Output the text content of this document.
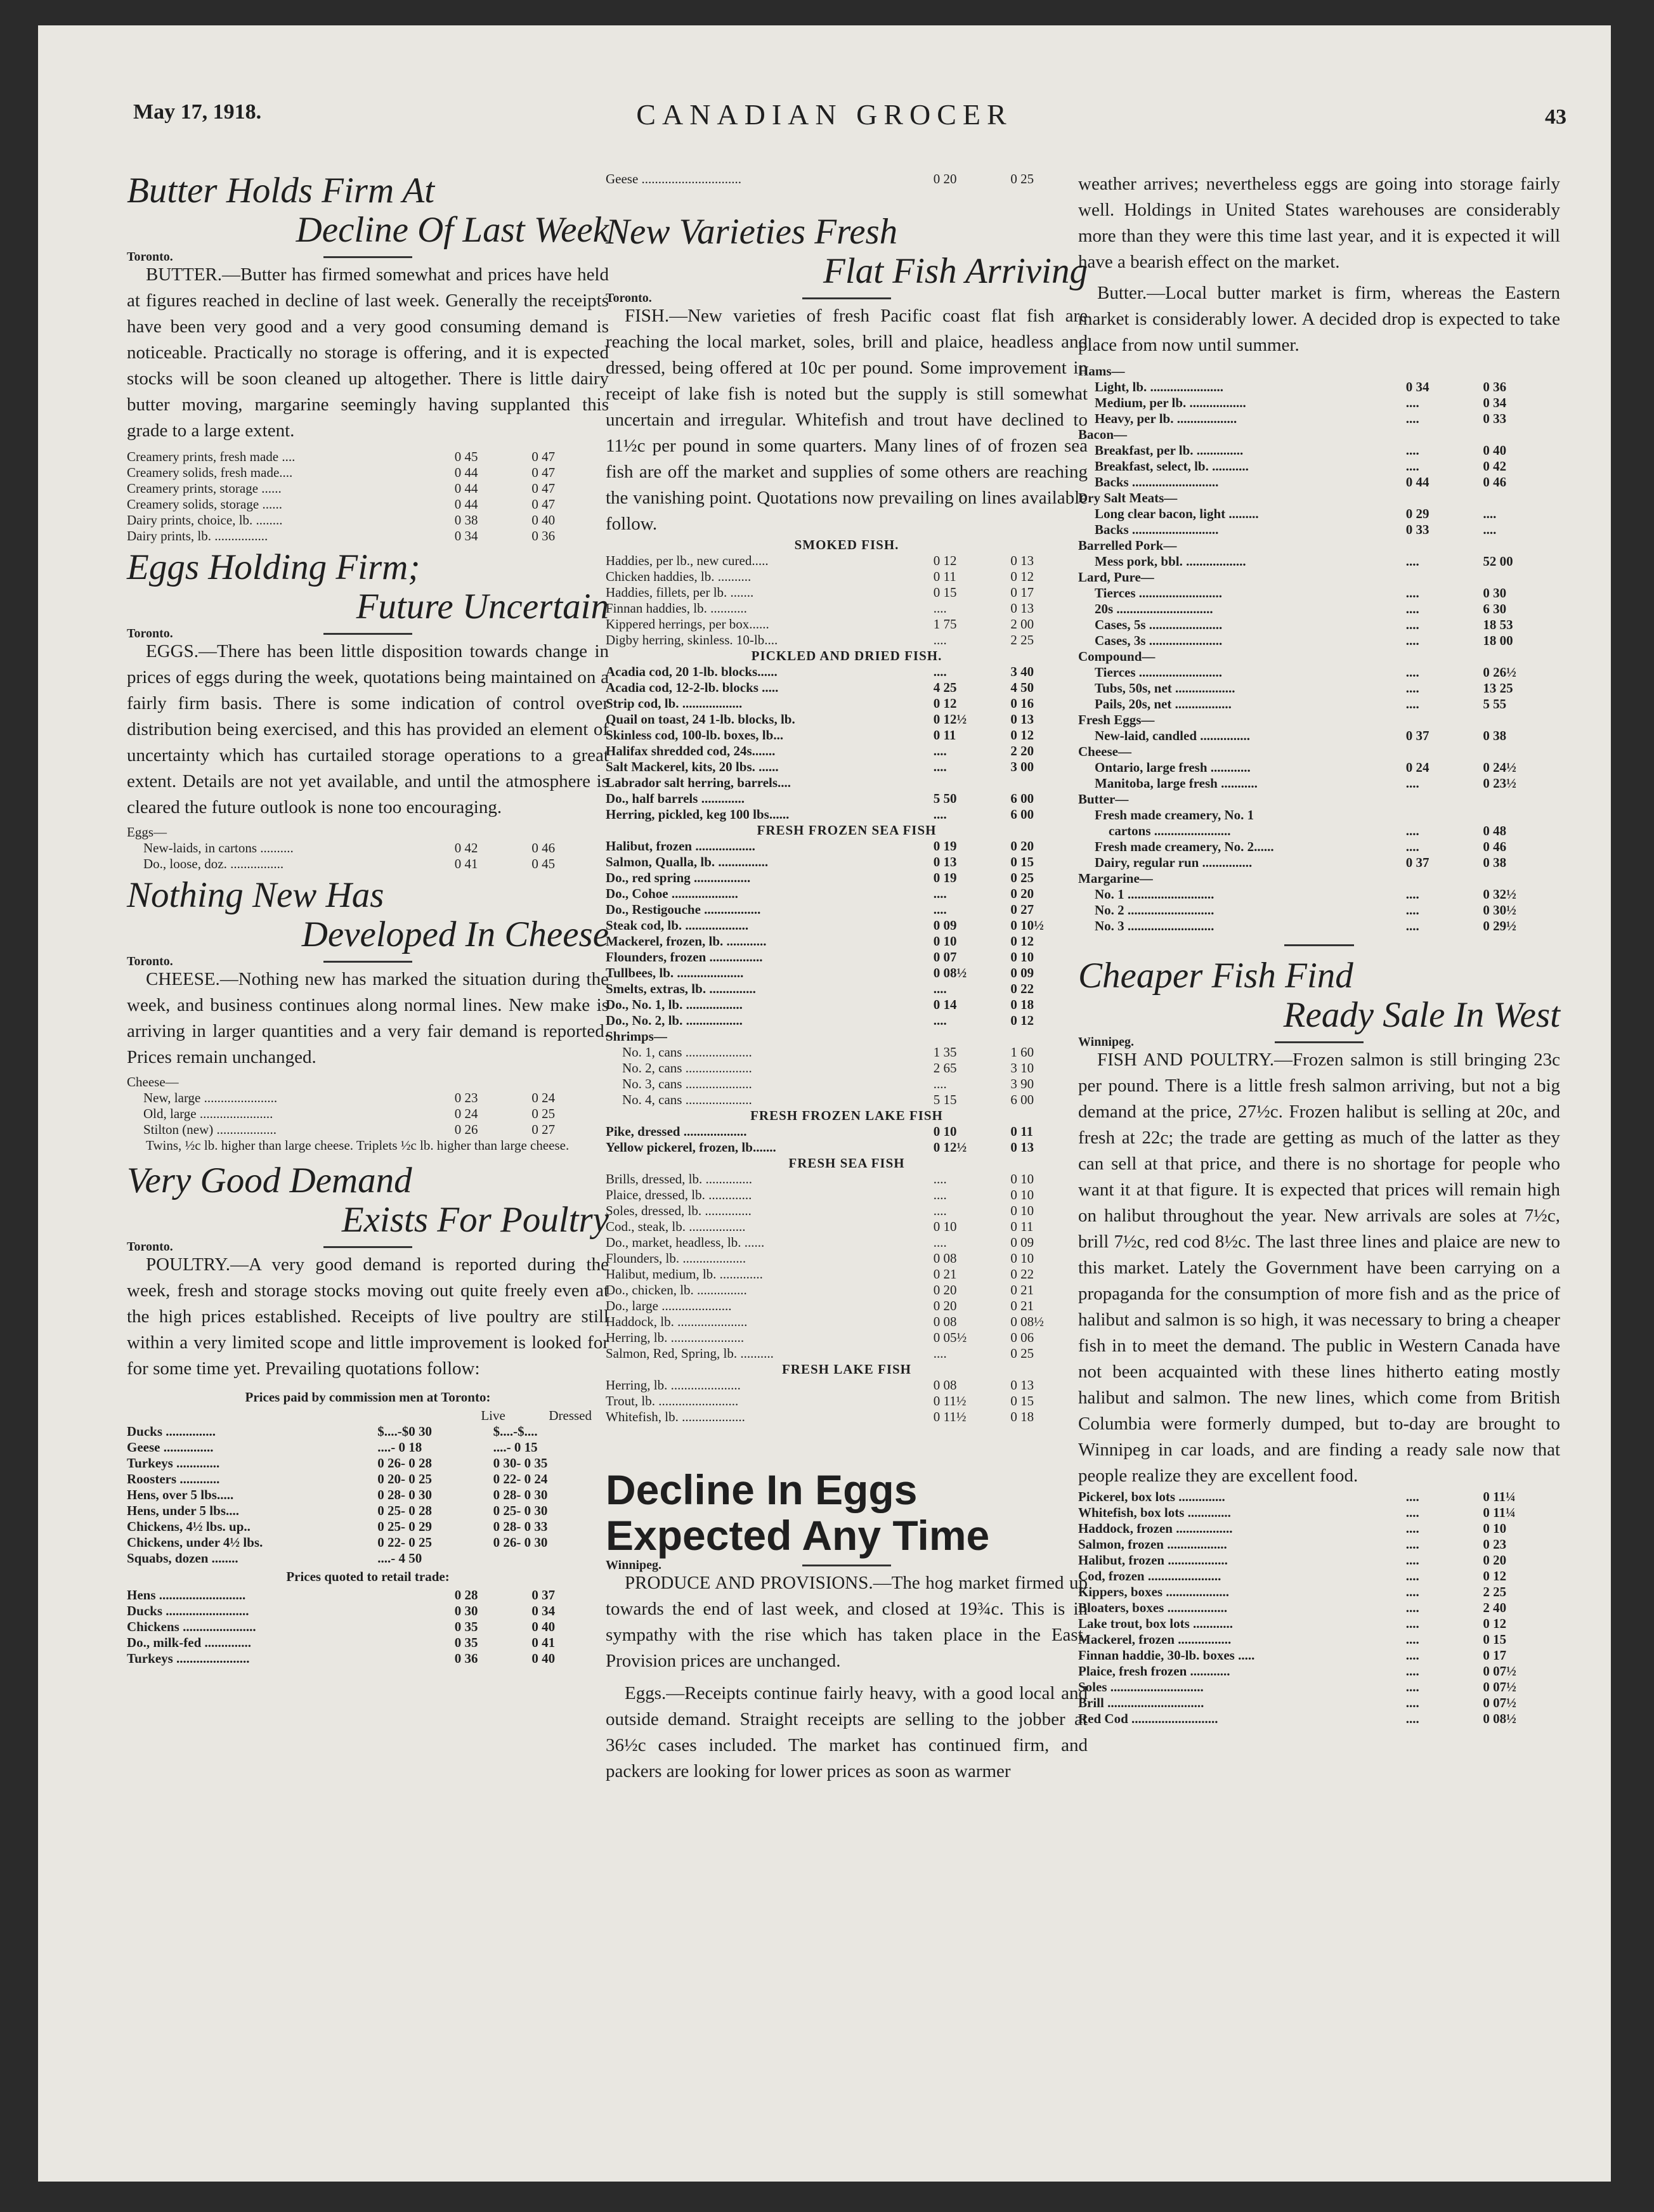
May 17, 1918.	CANADIAN GROCER	43
Butter Holds Firm At
Decline Of Last Week
Toronto.

BUTTER.—Butter has firmed somewhat and prices have held at figures reached in decline of last week. Generally the receipts have been very good and a very good consuming demand is noticeable. Practically no storage is offering, and it is expected stocks will be soon cleaned up altogether. There is little dairy butter moving, margarine seemingly having supplanted this grade to a large extent.

Creamery prints, fresh made ....	0 45	0 47
Creamery solids, fresh made....	0 44	0 47
Creamery prints, storage ......	0 44	0 47
Creamery solids, storage ......	0 44	0 47
Dairy prints, choice, lb. ........	0 38	0 40
Dairy prints, lb. ................	0 34	0 36
Eggs Holding Firm;
Future Uncertain
Toronto.

EGGS.—There has been little disposition towards change in prices of eggs during the week, quotations being maintained on a fairly firm basis. There is some indication of control over distribution being exercised, and this has provided an element of uncertainty which has curtailed storage operations to a great extent. Details are not yet available, and until the atmosphere is cleared the future outlook is none too encouraging.

Eggs—
New-laids, in cartons ..........	0 42	0 46
Do., loose, doz. ................	0 41	0 45
Nothing New Has
Developed In Cheese
Toronto.

CHEESE.—Nothing new has marked the situation during the week, and business continues along normal lines. New make is arriving in larger quantities and a very fair demand is reported. Prices remain unchanged.

Cheese—
New, large ......................	0 23	0 24
Old, large ......................	0 24	0 25
Stilton (new) ..................	0 26	0 27
Twins, ½c lb. higher than large cheese. Triplets ½c lb. higher than large cheese.
Very Good Demand
Exists For Poultry
Toronto.

POULTRY.—A very good demand is reported during the week, fresh and storage stocks moving out quite freely even at the high prices established. Receipts of live poultry are still within a very limited scope and little improvement is looked for for some time yet. Prevailing quotations follow:

Prices paid by commission men at Toronto:
	Live	Dressed
Ducks ...............	$....-$0 30	$....-$....
Geese ...............	....- 0 18	....- 0 15
Turkeys .............	0 26- 0 28	0 30- 0 35
Roosters ............	0 20- 0 25	0 22- 0 24
Hens, over 5 lbs.....	0 28- 0 30	0 28- 0 30
Hens, under 5 lbs....	0 25- 0 28	0 25- 0 30
Chickens, 4½ lbs. up..	0 25- 0 29	0 28- 0 33
Chickens, under 4½ lbs.	0 22- 0 25	0 26- 0 30
Squabs, dozen ........	....- 4 50	
Prices quoted to retail trade:
Hens ..........................	0 28	0 37
Ducks .........................	0 30	0 34
Chickens ......................	0 35	0 40
Do., milk-fed ..............	0 35	0 41
Turkeys ......................	0 36	0 40
Geese ..............................	0 20	0 25
New Varieties Fresh
Flat Fish Arriving
Toronto.

FISH.—New varieties of fresh Pacific coast flat fish are reaching the local market, soles, brill and plaice, headless and dressed, being offered at 10c per pound. Some improvement in receipt of lake fish is noted but the supply is still somewhat uncertain and irregular. Whitefish and trout have declined to 11½c per pound in some quarters. Many lines of of frozen sea fish are off the market and supplies of some others are reaching the vanishing point. Quotations now prevailing on lines available follow.

SMOKED FISH.		
Haddies, per lb., new cured.....	0 12	0 13
Chicken haddies, lb. ..........	0 11	0 12
Haddies, fillets, per lb. .......	0 15	0 17
Finnan haddies, lb. ...........	....	0 13
Kippered herrings, per box......	1 75	2 00
Digby herring, skinless. 10-lb....	....	2 25
PICKLED AND DRIED FISH.		
Acadia cod, 20 1-lb. blocks......	....	3 40
Acadia cod, 12-2-lb. blocks .....	4 25	4 50
Strip cod, lb. ..................	0 12	0 16
Quail on toast, 24 1-lb. blocks, lb.	0 12½	0 13
Skinless cod, 100-lb. boxes, lb...	0 11	0 12
Halifax shredded cod, 24s.......	....	2 20
Salt Mackerel, kits, 20 lbs. ......	....	3 00
Labrador salt herring, barrels....		
Do., half barrels .............	5 50	6 00
Herring, pickled, keg 100 lbs......	....	6 00
FRESH FROZEN SEA FISH		
Halibut, frozen ..................	0 19	0 20
Salmon, Qualla, lb. ...............	0 13	0 15
Do., red spring .................	0 19	0 25
Do., Cohoe ....................	....	0 20
Do., Restigouche .................	....	0 27
Steak cod, lb. ...................	0 09	0 10½
Mackerel, frozen, lb. ............	0 10	0 12
Flounders, frozen ................	0 07	0 10
Tullbees, lb. ....................	0 08½	0 09
Smelts, extras, lb. ..............	....	0 22
Do., No. 1, lb. .................	0 14	0 18
Do., No. 2, lb. .................	....	0 12
Shrimps—		
No. 1, cans ....................	1 35	1 60
No. 2, cans ....................	2 65	3 10
No. 3, cans ....................	....	3 90
No. 4, cans ....................	5 15	6 00
FRESH FROZEN LAKE FISH		
Pike, dressed ...................	0 10	0 11
Yellow pickerel, frozen, lb.......	0 12½	0 13
FRESH SEA FISH		
Brills, dressed, lb. ..............	....	0 10
Plaice, dressed, lb. .............	....	0 10
Soles, dressed, lb. ..............	....	0 10
Cod., steak, lb. .................	0 10	0 11
Do., market, headless, lb. ......	....	0 09
Flounders, lb. ...................	0 08	0 10
Halibut, medium, lb. .............	0 21	0 22
Do., chicken, lb. ...............	0 20	0 21
Do., large .....................	0 20	0 21
Haddock, lb. .....................	0 08	0 08½
Herring, lb. ......................	0 05½	0 06
Salmon, Red, Spring, lb. ..........	....	0 25
FRESH LAKE FISH		
Herring, lb. .....................	0 08	0 13
Trout, lb. ........................	0 11½	0 15
Whitefish, lb. ...................	0 11½	0 18
Decline In Eggs Expected Any Time
Winnipeg.

PRODUCE AND PROVISIONS.—The hog market firmed up towards the end of last week, and closed at 19¾c. This is in sympathy with the rise which has taken place in the East. Provision prices are unchanged.

Eggs.—Receipts continue fairly heavy, with a good local and outside demand. Straight receipts are selling to the jobber at 36½c cases included. The market has continued firm, and packers are looking for lower prices as soon as warmer

weather arrives; nevertheless eggs are going into storage fairly well. Holdings in United States warehouses are considerably more than they were this time last year, and it is expected it will have a bearish effect on the market.

Butter.—Local butter market is firm, whereas the Eastern market is considerably lower. A decided drop is expected to take place from now until summer.

Hams—		
Light, lb. ......................	0 34	0 36
Medium, per lb. .................	....	0 34
Heavy, per lb. ..................	....	0 33
Bacon—		
Breakfast, per lb. ..............	....	0 40
Breakfast, select, lb. ...........	....	0 42
Backs ..........................	0 44	0 46
Dry Salt Meats—		
Long clear bacon, light .........	0 29	....
Backs ..........................	0 33	....
Barrelled Pork—		
Mess pork, bbl. ..................	....	52 00
Lard, Pure—		
Tierces .........................	....	0 30
20s .............................	....	6 30
Cases, 5s ......................	....	18 53
Cases, 3s ......................	....	18 00
Compound—		
Tierces .........................	....	0 26½
Tubs, 50s, net ..................	....	13 25
Pails, 20s, net .................	....	5 55
Fresh Eggs—		
New-laid, candled ...............	0 37	0 38
Cheese—		
Ontario, large fresh ............	0 24	0 24½
Manitoba, large fresh ...........	....	0 23½
Butter—		
Fresh made creamery, No. 1		
cartons .......................	....	0 48
Fresh made creamery, No. 2......	....	0 46
Dairy, regular run ...............	0 37	0 38
Margarine—		
No. 1 ..........................	....	0 32½
No. 2 ..........................	....	0 30½
No. 3 ..........................	....	0 29½
Cheaper Fish Find
Ready Sale In West
Winnipeg.

FISH AND POULTRY.—Frozen salmon is still bringing 23c per pound. There is a little fresh salmon arriving, but not a big demand at the price, 27½c. Frozen halibut is selling at 20c, and fresh at 22c; the trade are getting as much of the latter as they can sell at that price, and there is no shortage for people who want it at that figure. It is expected that prices will remain high on halibut throughout the year. New arrivals are soles at 7½c, brill 7½c, red cod 8½c. The last three lines and plaice are new to this market. Lately the Government have been carrying on a propaganda for the consumption of more fish and as the price of halibut and salmon is so high, it was necessary to bring a cheaper fish in to meet the demand. The public in Western Canada have not been acquainted with these lines hitherto eating mostly halibut and salmon. The new lines, which come from British Columbia were formerly dumped, but to-day are brought to Winnipeg in car loads, and are finding a ready sale now that people realize they are excellent food.

Pickerel, box lots ..............	....	0 11¼
Whitefish, box lots .............	....	0 11¼
Haddock, frozen .................	....	0 10
Salmon, frozen ..................	....	0 23
Halibut, frozen ..................	....	0 20
Cod, frozen ......................	....	0 12
Kippers, boxes ...................	....	2 25
Bloaters, boxes ..................	....	2 40
Lake trout, box lots ............	....	0 12
Mackerel, frozen ................	....	0 15
Finnan haddie, 30-lb. boxes .....	....	0 17
Plaice, fresh frozen ............	....	0 07½
Soles ............................	....	0 07½
Brill .............................	....	0 07½
Red Cod ..........................	....	0 08½
